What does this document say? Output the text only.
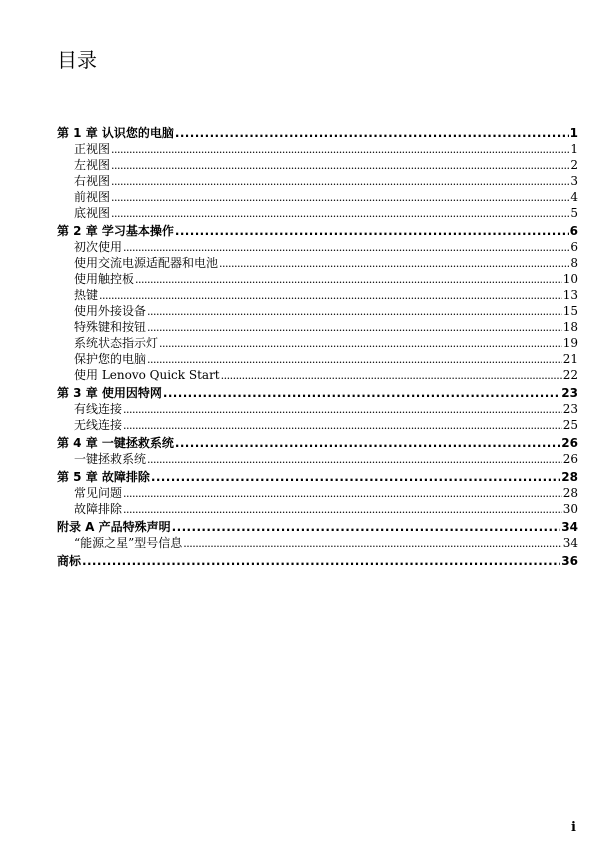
目录
第 1 章 认识您的电脑 .....	1
正视图 .....	1
左视图 .....	2
右视图 .....	3
前视图 .....	4
底视图 .....	5
第 2 章 学习基本操作 .....	6
初次使用 .....	6
使用交流电源适配器和电池 .....	8
使用触控板 .....	10
热键 .....	13
使用外接设备 .....	15
特殊键和按钮 .....	18
系统状态指示灯 .....	19
保护您的电脑 .....	21
使用 Lenovo Quick Start .....	22
第 3 章 使用因特网 .....	23
有线连接 .....	23
无线连接 .....	25
第 4 章 一键拯救系统 .....	26
一键拯救系统 .....	26
第 5 章 故障排除 .....	28
常见问题 .....	28
故障排除 .....	30
附录 A 产品特殊声明 .....	34
“能源之星”型号信息 .....	34
商标 .....	36
i
